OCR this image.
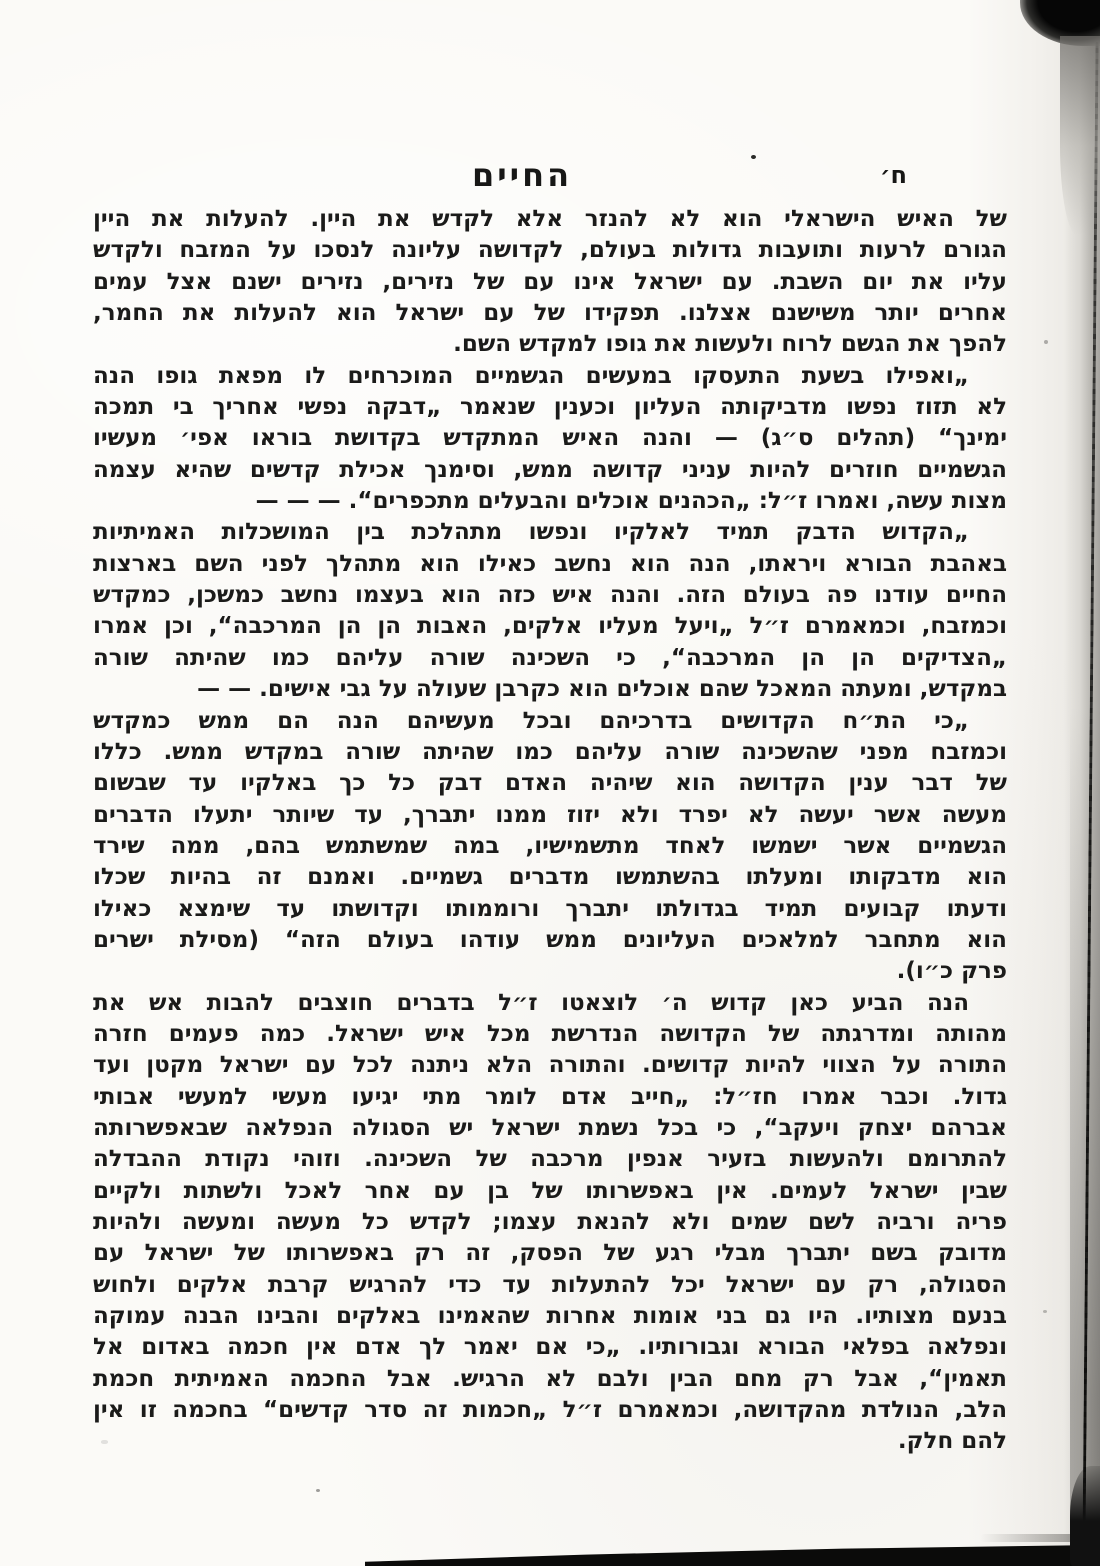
החיים	ח׳
של האיש הישראלי הוא לא להנזר אלא לקדש את היין. להעלות את היין
הגורם לרעות ותועבות גדולות בעולם, לקדושה עליונה לנסכו על המזבח ולקדש
עליו את יום השבת. עם ישראל אינו עם של נזירים, נזירים ישנם אצל עמים
אחרים יותר משישנם אצלנו. תפקידו של עם ישראל הוא להעלות את החמר,
להפך את הגשם לרוח ולעשות את גופו למקדש השם.
„ואפילו בשעת התעסקו במעשים הגשמיים המוכרחים לו מפאת גופו הנה
לא תזוז נפשו מדביקותה העליון וכענין שנאמר „דבקה נפשי אחריך בי תמכה
ימינך“ (תהלים ס״ג) — והנה האיש המתקדש בקדושת בוראו אפי׳ מעשיו
הגשמיים חוזרים להיות עניני קדושה ממש, וסימנך אכילת קדשים שהיא עצמה
מצות עשה, ואמרו ז״ל: „הכהנים אוכלים והבעלים מתכפרים“. — — —
„הקדוש הדבק תמיד לאלקיו ונפשו מתהלכת בין המושכלות האמיתיות
באהבת הבורא ויראתו, הנה הוא נחשב כאילו הוא מתהלך לפני השם בארצות
החיים עודנו פה בעולם הזה. והנה איש כזה הוא בעצמו נחשב כמשכן, כמקדש
וכמזבח, וכמאמרם ז״ל „ויעל מעליו אלקים, האבות הן הן המרכבה“, וכן אמרו
„הצדיקים הן הן המרכבה“, כי השכינה שורה עליהם כמו שהיתה שורה
במקדש, ומעתה המאכל שהם אוכלים הוא כקרבן שעולה על גבי אישים. — —
„כי הת״ח הקדושים בדרכיהם ובכל מעשיהם הנה הם ממש כמקדש
וכמזבח מפני שהשכינה שורה עליהם כמו שהיתה שורה במקדש ממש. כללו
של דבר ענין הקדושה הוא שיהיה האדם דבק כל כך באלקיו עד שבשום
מעשה אשר יעשה לא יפרד ולא יזוז ממנו יתברך, עד שיותר יתעלו הדברים
הגשמיים אשר ישמשו לאחד מתשמישיו, במה שמשתמש בהם, ממה שירד
הוא מדבקותו ומעלתו בהשתמשו מדברים גשמיים. ואמנם זה בהיות שכלו
ודעתו קבועים תמיד בגדולתו יתברך ורוממותו וקדושתו עד שימצא כאילו
הוא מתחבר למלאכים העליונים ממש עודהו בעולם הזה“ (מסילת ישרים
פרק כ״ו).
הנה הביע כאן קדוש ה׳ לוצאטו ז״ל בדברים חוצבים להבות אש את
מהותה ומדרגתה של הקדושה הנדרשת מכל איש ישראל. כמה פעמים חזרה
התורה על הצווי להיות קדושים. והתורה הלא ניתנה לכל עם ישראל מקטן ועד
גדול. וכבר אמרו חז״ל: „חייב אדם לומר מתי יגיעו מעשי למעשי אבותי
אברהם יצחק ויעקב“, כי בכל נשמת ישראל יש הסגולה הנפלאה שבאפשרותה
להתרומם ולהעשות בזעיר אנפין מרכבה של השכינה. וזוהי נקודת ההבדלה
שבין ישראל לעמים. אין באפשרותו של בן עם אחר לאכל ולשתות ולקיים
פריה ורביה לשם שמים ולא להנאת עצמו; לקדש כל מעשה ומעשה ולהיות
מדובק בשם יתברך מבלי רגע של הפסק, זה רק באפשרותו של ישראל עם
הסגולה, רק עם ישראל יכל להתעלות עד כדי להרגיש קרבת אלקים ולחוש
בנעם מצותיו. היו גם בני אומות אחרות שהאמינו באלקים והבינו הבנה עמוקה
ונפלאה בפלאי הבורא וגבורותיו. „כי אם יאמר לך אדם אין חכמה באדום אל
תאמין“, אבל רק מחם הבין ולבם לא הרגיש. אבל החכמה האמיתית חכמת
הלב, הנולדת מהקדושה, וכמאמרם ז״ל „חכמות זה סדר קדשים“ בחכמה זו אין
להם חלק.
